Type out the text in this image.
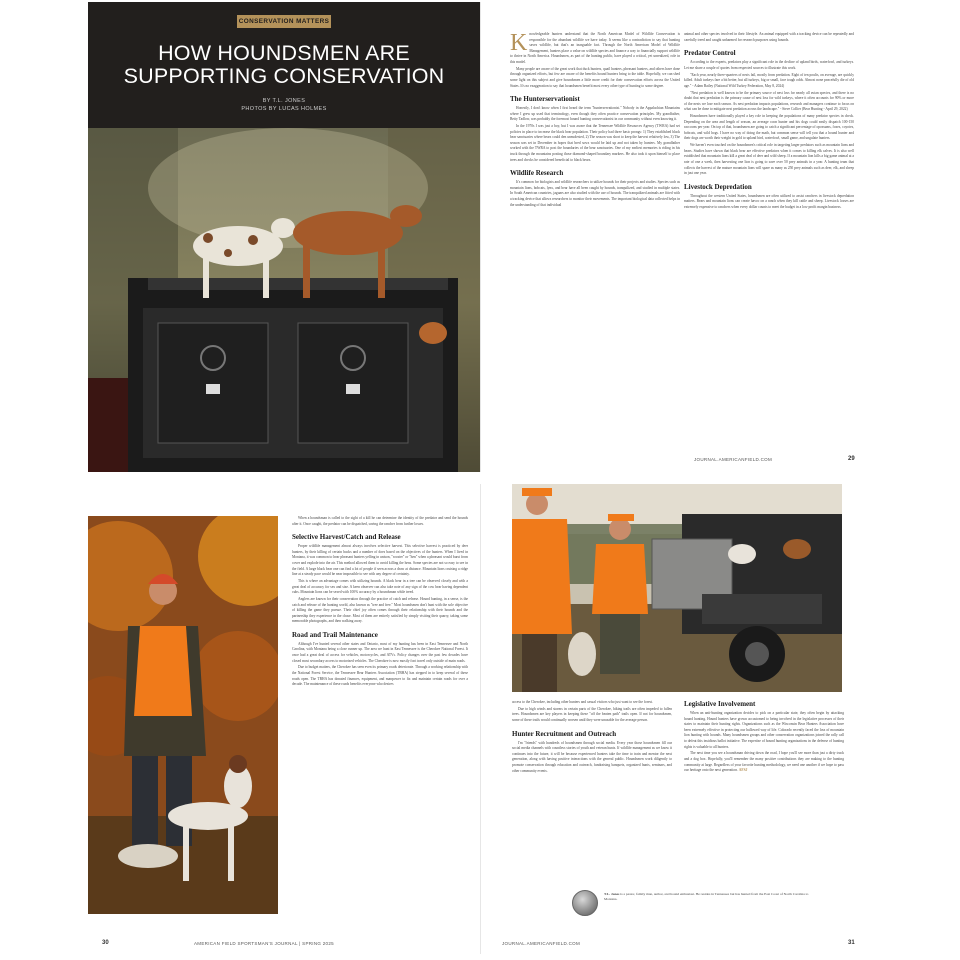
CONSERVATION MATTERS
HOW HOUNDSMEN ARE SUPPORTING CONSERVATION
BY T.L. JONES
PHOTOS BY LUCAS HOLMES

Knowledgeable hunters understand that the North American Model of Wildlife Conservation is responsible for the abundant wildlife we have today. It seems like a contradiction to say that hunting saves wildlife, but that's an inarguable fact. Through the North American Model of Wildlife Management, hunters place a value on wildlife species and finance a way to financially support wildlife to thrive in North America. Houndsmen, as part of the hunting public, have played a critical, yet unrealized, role in this model.

Many people are aware of the great work that duck hunters, quail hunters, pheasant hunters, and others have done through organized efforts, but few are aware of the benefits hound hunters bring to the table. Hopefully, we can shed some light on this subject and give houndsmen a little more credit for their conservation efforts across the United States. It's no exaggeration to say that houndsmen benefit most every other type of hunting to some degree.

The Hunterservationist

Honestly, I don't know when I first heard the term "hunterservationist." Nobody in the Appalachian Mountains where I grew up used that terminology, even though they often practice conservation principles. My grandfather, Betty Tadlow, was probably the foremost hound hunting conservationist in our community without even knowing it.

In the 1970s I was just a boy, but I was aware that the Tennessee Wildlife Resources Agency (TWRA) had set policies in place to increase the black bear population. Their policy had three basic prongs: 1) They established black bear sanctuaries where bears could den unmolested, 2) The season was short to keep the harvest relatively low, 3) The season was set in December in hopes that bred sows would be laid up and not taken by hunters. My grandfather worked with the TWRA to post the boundaries of the bear sanctuaries. One of my earliest memories is riding in his truck through the mountains posting those diamond-shaped boundary markers. He also took it upon himself to place trees and checks he considered beneficial to black bears.

Wildlife Research

It's common for biologists and wildlife researchers to utilize hounds for their projects and studies. Species such as mountain lions, bobcats, lynx, and bear have all been caught by hounds, tranquilized, and studied in multiple states. In South American countries, jaguars are also studied with the use of hounds. The tranquilized animals are fitted with a tracking device that allows researchers to monitor their movements. The important biological data collected helps in the understanding of that individual

animal and other species involved in their lifestyle. An animal equipped with a tracking device can be repeatedly and carefully treed and caught unharmed for research purposes using hounds.

Predator Control

According to the experts, predators play a significant role in the decline of upland birds, waterfowl, and turkeys. Let me share a couple of quotes from respected sources to illustrate this work.

"Each year, nearly three-quarters of nests fail, mostly from predation. Eight of ten poults, on average, are quickly killed. Adult turkeys fare a bit better, but all turkeys, big or small, face tough odds. Almost none peacefully die of old age." - Adam Bailey (National Wild Turkey Federation, May 8, 2024)

"Nest predation is well known to be the primary source of nest loss for nearly all avian species, and there is no doubt that nest predation is the primary cause of nest loss for wild turkeys, where it often accounts for 90% or more of the nests we lose each season. As nest predation impacts populations, research and managers continue to focus on what can be done to mitigate nest predation across the landscape." - Steve Collier (Bear Hunting - April 29, 2022)

Houndsmen have traditionally played a key role in keeping the populations of many predator species in check. Depending on the area and length of season, an average coon hunter and his dogs could easily dispatch 100-150 raccoons per year. On top of that, houndsmen are going to catch a significant percentage of opossums, foxes, coyotes, bobcats, and wild hogs. I have no way of doing the math, but common sense will tell you that a hound hunter and their dogs are worth their weight in gold to upland bird, waterfowl, small game, and ungulate hunters.

We haven't even touched on the houndsmen's critical role in targeting larger predators such as mountain lions and bears. Studies have shown that black bear are effective predators when it comes to killing elk calves. It is also well established that mountain lions kill a great deal of deer and wild sheep. If a mountain lion kills a big game animal at a rate of one a week, then harvesting one lion is going to save over 50 prey animals in a year. A hunting team that collects the harvest of the mature mountain lions will spare as many as 250 prey animals such as deer, elk, and sheep in just one year.

Livestock Depredation

Throughout the western United States, houndsmen are often utilized to assist ranchers in livestock depredation matters. Bears and mountain lions can create havoc on a ranch when they kill cattle and sheep. Livestock losses are extremely expensive to ranchers when every dollar counts to meet the budget in a low profit margin business.

JOURNAL.AMERICANFIELD.COM	29

When a houndsman is called to the sight of a kill he can determine the identity of the predator and send the hounds after it. Once caught, the predator can be dispatched, saving the rancher from further losses.

Selective Harvest/Catch and Release

Proper wildlife management almost always involves selective harvest. This selective harvest is practiced by deer hunters, by their killing of certain bucks and a number of does based on the objectives of the hunters. When I lived in Montana, it was common to hear pheasant hunters yelling in unison, "rooster" or "hen" when a pheasant would burst from cover and explode into the air. This method allowed them to avoid killing the hens. Some species are not so easy to see in the field. A large black bear one can find a lot of people if seen across a draw at distance. Mountain lions cruising a ridge line at a steady pace would be near impossible to see with any degree of certainty.

This is where an advantage comes with utilizing hounds. A black bear in a tree can be observed closely and with a great deal of accuracy for sex and size. A keen observer can also take note of any sign of the cow bear having dependent cubs. Mountain lions can be sexed with 100% accuracy by a houndsman while treed.

Anglers are known for their conservation through the practice of catch and release. Hound hunting, in a sense, is the catch and release of the hunting world, also known as "tree and free." Most houndsmen don't hunt with the sole objective of killing the game they pursue. Their chief joy often comes through their relationship with their hounds and the partnership they experience in the chase. Most of them are entirely satisfied by simply visiting their quarry, taking some memorable photographs, and then walking away.

Road and Trail Maintenance

Although I've hunted several other states and Ontario, most of my hunting has been in East Tennessee and North Carolina, with Montana being a close runner up. The area we hunt in East Tennessee is the Cherokee National Forest. It once had a great deal of access for vehicles, motorcycles, and ATVs. Policy changes over the past few decades have closed most secondary access to motorized vehicles. The Cherokee is now mostly foot travel only outside of main roads.

Due to budget matters, the Cherokee has seen even its primary roads deteriorate. Through a working relationship with the National Forest Service, the Tennessee Bear Hunters Association (TBHA) has stepped in to keep several of these roads open. The TBHA has donated finances, equipment, and manpower to fix and maintain certain roads for over a decade. The maintenance of these roads benefits everyone who desires

access to the Cherokee, including other hunters and casual visitors who just want to see the forest.

Due to high winds and storms in certain parts of the Cherokee, hiking trails are often impeded to fallen trees. Houndsmen are key players in keeping these "off the beaten path" trails open. If not for houndsmen, some of these trails would continually worsen until they were unusable for the average person.

Hunter Recruitment and Outreach

I'm "friends" with hundreds of houndsmen through social media. Every year those houndsmen fill our social media channels with countless stories of youth and veteran hunts. If wildlife management as we know it continues into the future, it will be because experienced hunters take the time to train and mentor the next generation, along with having positive interactions with the general public. Houndsmen work diligently to promote conservation through education and outreach, fundraising banquets, organized hunts, seminars, and other community events.

Legislative Involvement

When an anti-hunting organization decides to pick on a particular state, they often begin by attacking hound hunting. Hound hunters have grown accustomed to being involved in the legislative processes of their states to maintain their hunting rights. Organizations such as the Wisconsin Bear Hunters Association have been extremely effective in protecting our hallowed way of life. Colorado recently faced the loss of mountain lion hunting with hounds. Many houndsmen groups and other conservation organizations joined the rally call to defeat this insidious ballot initiative. The expertise of hound hunting organizations in the defense of hunting rights is valuable to all hunters.

The next time you see a houndsman driving down the road, I hope you'll see more than just a dirty truck and a dog box. Hopefully, you'll remember the many positive contributions they are making to the hunting community at large. Regardless of your favorite hunting methodology, we need one another if we hope to pass our heritage onto the next generation. AFSJ

T.L. Jones is a pastor, family man, author, and hound enthusiast. He resides in Tennessee but has hunted from the East Coast of North Carolina to Montana.
30	AMERICAN FIELD SPORTSMAN'S JOURNAL | SPRING 2025	JOURNAL.AMERICANFIELD.COM	31
